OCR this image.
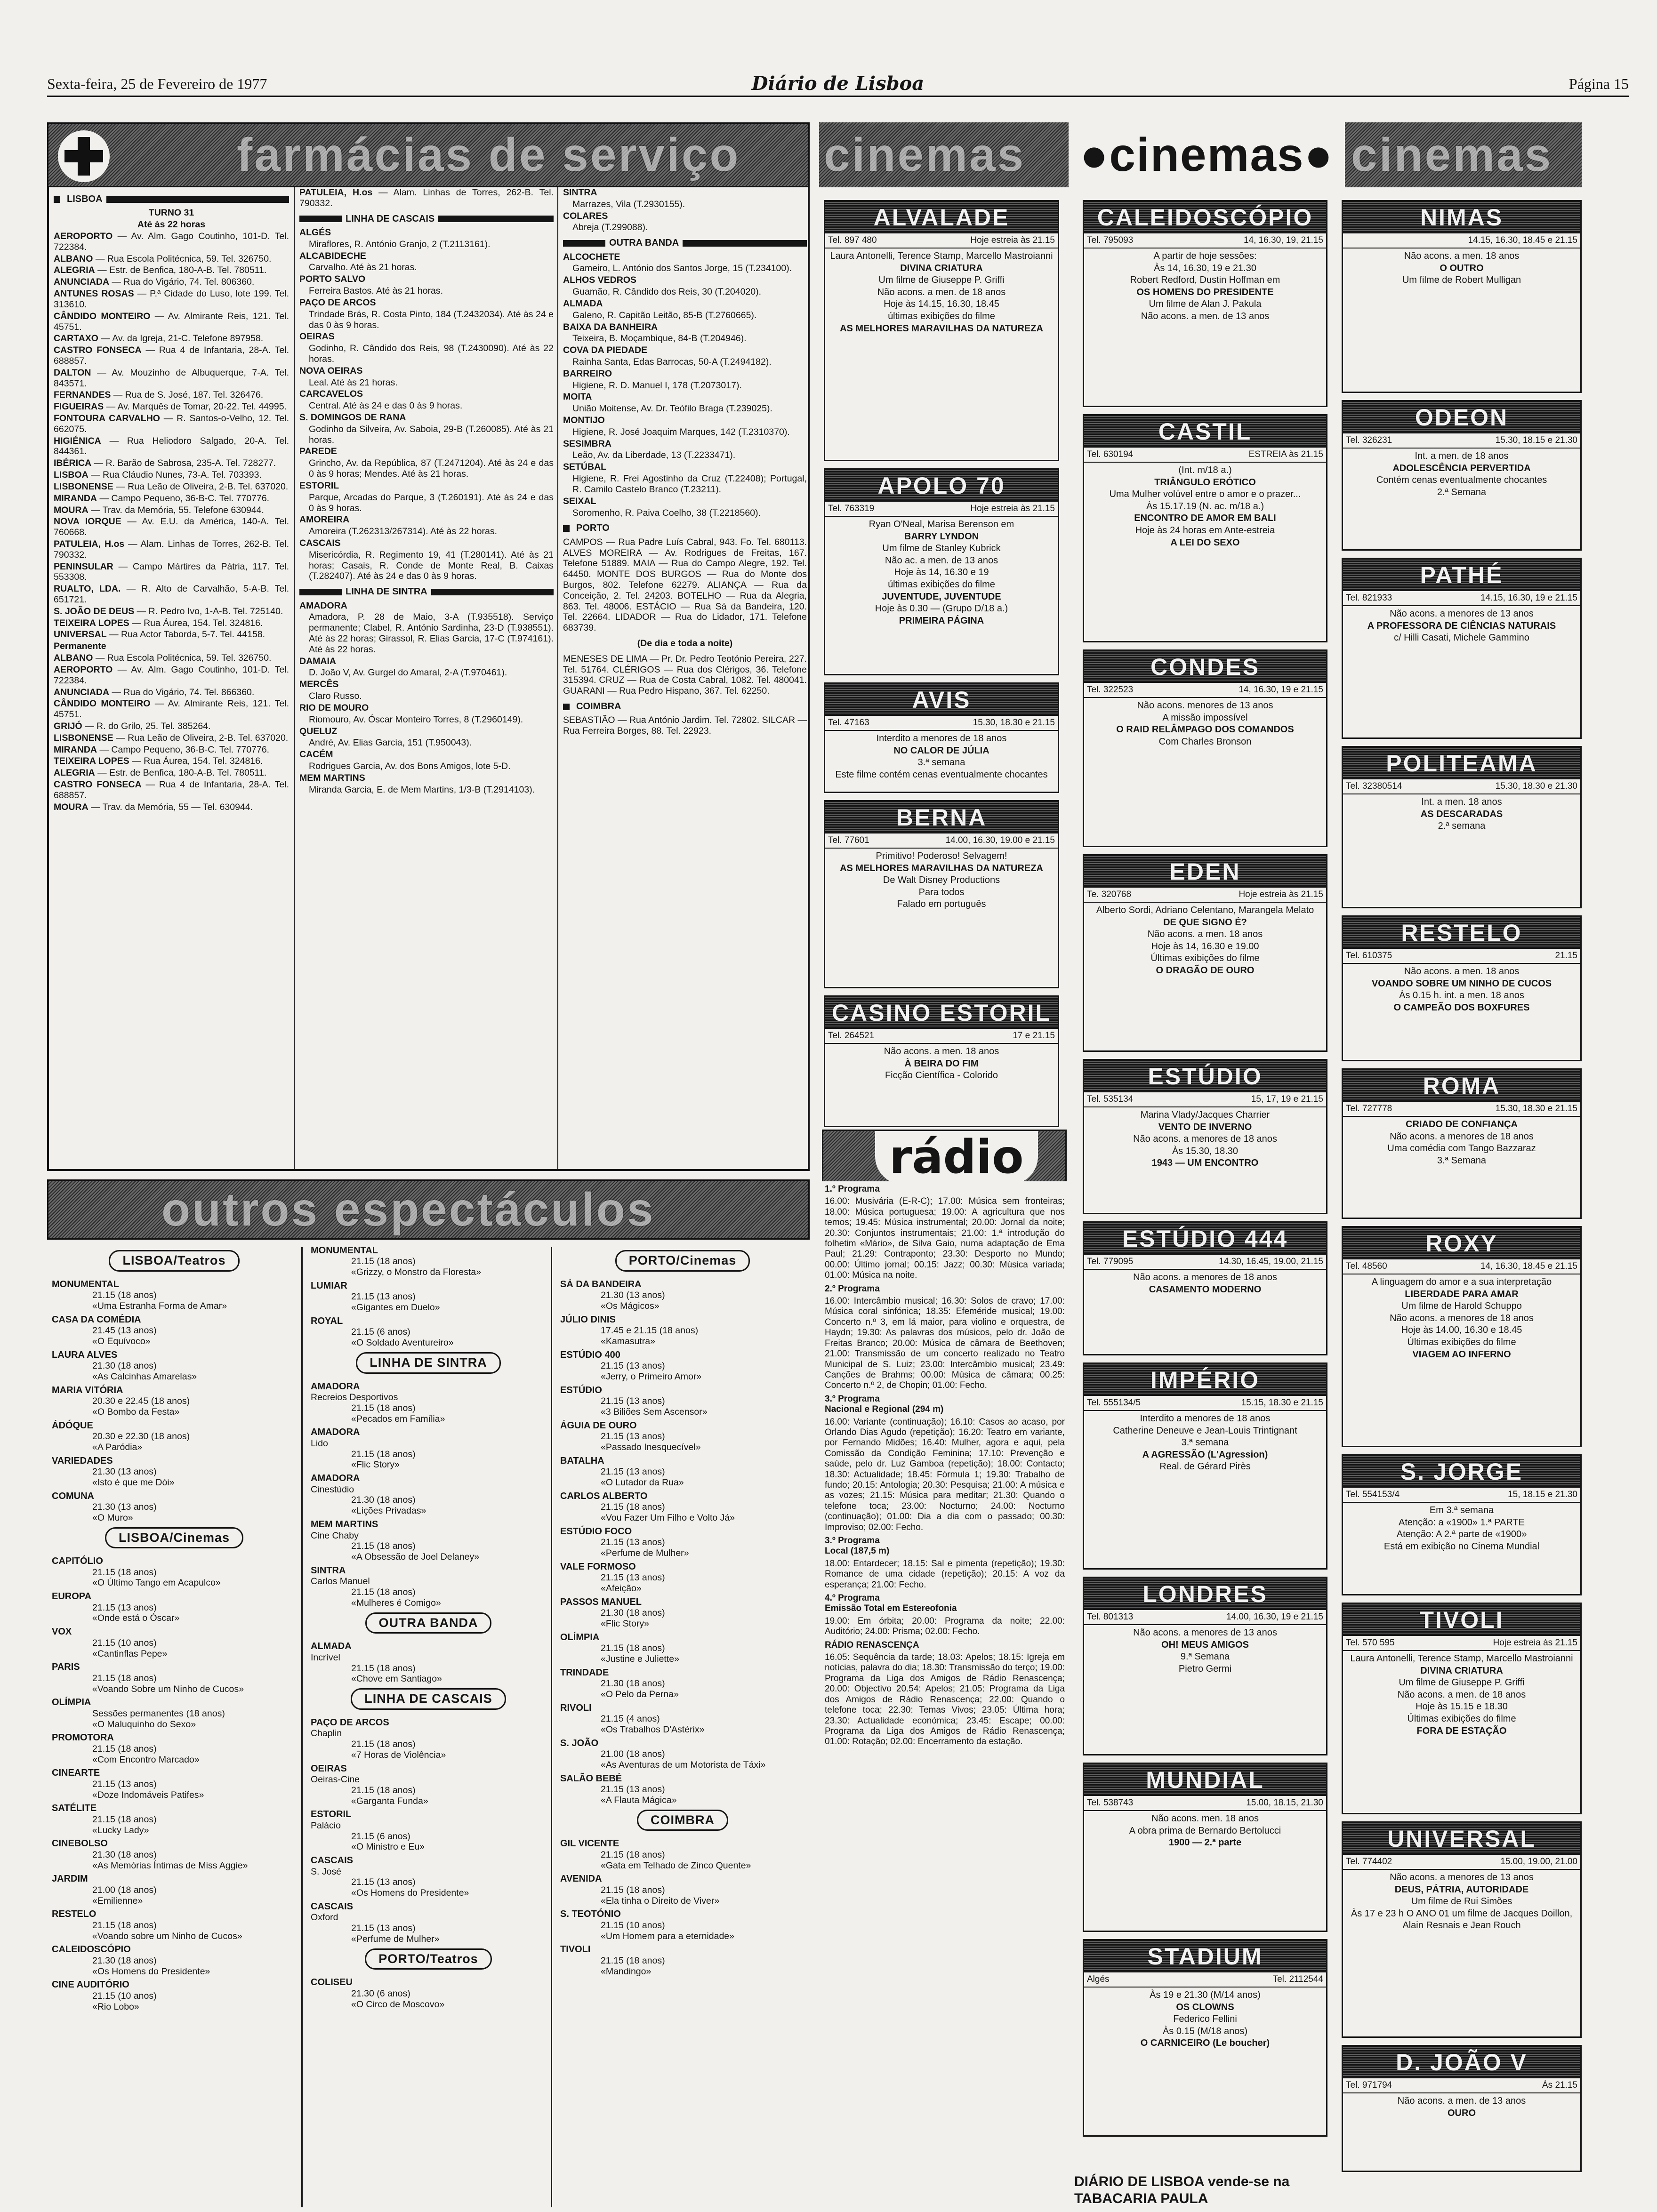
Sexta-feira, 25 de Fevereiro de 1977	Diário de Lisboa	Página 15
farmácias de serviço
LISBOA

TURNO 31

Até às 22 horas

AEROPORTO — Av. Alm. Gago Coutinho, 101-D. Tel. 722384.

ALBANO — Rua Escola Politécnica, 59. Tel. 326750.

ALEGRIA — Estr. de Benfica, 180-A-B. Tel. 780511.

ANUNCIADA — Rua do Vigário, 74. Tel. 806360.

ANTUNES ROSAS — P.ª Cidade do Luso, lote 199. Tel. 313610.

CÂNDIDO MONTEIRO — Av. Almirante Reis, 121. Tel. 45751.

CARTAXO — Av. da Igreja, 21-C. Telefone 897958.

CASTRO FONSECA — Rua 4 de Infantaria, 28-A. Tel. 688857.

DALTON — Av. Mouzinho de Albuquerque, 7-A. Tel. 843571.

FERNANDES — Rua de S. José, 187. Tel. 326476.

FIGUEIRAS — Av. Marquês de Tomar, 20-22. Tel. 44995.

FONTOURA CARVALHO — R. Santos-o-Velho, 12. Tel. 662075.

HIGIÉNICA — Rua Heliodoro Salgado, 20-A. Tel. 844361.

IBÉRICA — R. Barão de Sabrosa, 235-A. Tel. 728277.

LISBOA — Rua Cláudio Nunes, 73-A. Tel. 703393.

LISBONENSE — Rua Leão de Oliveira, 2-B. Tel. 637020.

MIRANDA — Campo Pequeno, 36-B-C. Tel. 770776.

MOURA — Trav. da Memória, 55. Telefone 630944.

NOVA IORQUE — Av. E.U. da América, 140-A. Tel. 760668.

PATULEIA, H.os — Alam. Linhas de Torres, 262-B. Tel. 790332.

PENINSULAR — Campo Mártires da Pátria, 117. Tel. 553308.

RUALTO, LDA. — R. Alto de Carvalhão, 5-A-B. Tel. 651721.

S. JOÃO DE DEUS — R. Pedro Ivo, 1-A-B. Tel. 725140.

TEIXEIRA LOPES — Rua Áurea, 154. Tel. 324816.

UNIVERSAL — Rua Actor Taborda, 5-7. Tel. 44158.

Permanente

ALBANO — Rua Escola Politécnica, 59. Tel. 326750.

AEROPORTO — Av. Alm. Gago Coutinho, 101-D. Tel. 722384.

ANUNCIADA — Rua do Vigário, 74. Tel. 866360.

CÂNDIDO MONTEIRO — Av. Almirante Reis, 121. Tel. 45751.

GRIJÓ — R. do Grilo, 25. Tel. 385264.

LISBONENSE — Rua Leão de Oliveira, 2-B. Tel. 637020.

MIRANDA — Campo Pequeno, 36-B-C. Tel. 770776.

TEIXEIRA LOPES — Rua Áurea, 154. Tel. 324816.

ALEGRIA — Estr. de Benfica, 180-A-B. Tel. 780511.

CASTRO FONSECA — Rua 4 de Infantaria, 28-A. Tel. 688857.

MOURA — Trav. da Memória, 55 — Tel. 630944.

PATULEIA, H.os — Alam. Linhas de Torres, 262-B. Tel. 790332.

LINHA DE CASCAIS

ALGÉS

Miraflores, R. António Granjo, 2 (T.2113161).

ALCABIDECHE

Carvalho. Até às 21 horas.

PORTO SALVO

Ferreira Bastos. Até às 21 horas.

PAÇO DE ARCOS

Trindade Brás, R. Costa Pinto, 184 (T.2432034). Até às 24 e das 0 às 9 horas.

OEIRAS

Godinho, R. Cândido dos Reis, 98 (T.2430090). Até às 22 horas.

NOVA OEIRAS

Leal. Até às 21 horas.

CARCAVELOS

Central. Até às 24 e das 0 às 9 horas.

S. DOMINGOS DE RANA

Godinho da Silveira, Av. Saboia, 29-B (T.260085). Até às 21 horas.

PAREDE

Grincho, Av. da República, 87 (T.2471204). Até às 24 e das 0 às 9 horas; Mendes. Até às 21 horas.

ESTORIL

Parque, Arcadas do Parque, 3 (T.260191). Até às 24 e das 0 às 9 horas.

AMOREIRA

Amoreira (T.262313/267314). Até às 22 horas.

CASCAIS

Misericórdia, R. Regimento 19, 41 (T.280141). Até às 21 horas; Casais, R. Conde de Monte Real, B. Caixas (T.282407). Até às 24 e das 0 às 9 horas.

LINHA DE SINTRA

AMADORA

Amadora, P. 28 de Maio, 3-A (T.935518). Serviço permanente; Clabel, R. António Sardinha, 23-D (T.938551). Até às 22 horas; Girassol, R. Elias Garcia, 17-C (T.974161). Até às 22 horas.

DAMAIA

D. João V, Av. Gurgel do Amaral, 2-A (T.970461).

MERCÊS

Claro Russo.

RIO DE MOURO

Riomouro, Av. Óscar Monteiro Torres, 8 (T.2960149).

QUELUZ

André, Av. Elias Garcia, 151 (T.950043).

CACÉM

Rodrigues Garcia, Av. dos Bons Amigos, lote 5-D.

MEM MARTINS

Miranda Garcia, E. de Mem Martins, 1/3-B (T.2914103).

SINTRA

Marrazes, Vila (T.2930155).

COLARES

Abreja (T.299088).

OUTRA BANDA

ALCOCHETE

Gameiro, L. António dos Santos Jorge, 15 (T.234100).

ALHOS VEDROS

Guamão, R. Cândido dos Reis, 30 (T.204020).

ALMADA

Galeno, R. Capitão Leitão, 85-B (T.2760665).

BAIXA DA BANHEIRA

Teixeira, B. Moçambique, 84-B (T.204946).

COVA DA PIEDADE

Rainha Santa, Edas Barrocas, 50-A (T.2494182).

BARREIRO

Higiene, R. D. Manuel I, 178 (T.2073017).

MOITA

União Moitense, Av. Dr. Teófilo Braga (T.239025).

MONTIJO

Higiene, R. José Joaquim Marques, 142 (T.2310370).

SESIMBRA

Leão, Av. da Liberdade, 13 (T.2233471).

SETÚBAL

Higiene, R. Frei Agostinho da Cruz (T.22408); Portugal, R. Camilo Castelo Branco (T.23211).

SEIXAL

Soromenho, R. Paiva Coelho, 38 (T.2218560).

PORTO

CAMPOS — Rua Padre Luís Cabral, 943. Fo. Tel. 680113. ALVES MOREIRA — Av. Rodrigues de Freitas, 167. Telefone 51889. MAIA — Rua do Campo Alegre, 192. Tel. 64450. MONTE DOS BURGOS — Rua do Monte dos Burgos, 802. Telefone 62279. ALIANÇA — Rua da Conceição, 2. Tel. 24203. BOTELHO — Rua da Alegria, 863. Tel. 48006. ESTÁCIO — Rua Sá da Bandeira, 120. Tel. 22664. LIDADOR — Rua do Lidador, 171. Telefone 683739.

(De dia e toda a noite)

MENESES DE LIMA — Pr. Dr. Pedro Teotónio Pereira, 227. Tel. 51764. CLÉRIGOS — Rua dos Clérigos, 36. Telefone 315394. CRUZ — Rua de Costa Cabral, 1082. Tel. 480041. GUARANI — Rua Pedro Hispano, 367. Tel. 62250.

COIMBRA

SEBASTIÃO — Rua António Jardim. Tel. 72802. SILCAR — Rua Ferreira Borges, 88. Tel. 22923.

outros espectáculos
LISBOA/Teatros
MONUMENTAL
21.15 (18 anos)
«Uma Estranha Forma de Amar»
CASA DA COMÉDIA
21.45 (13 anos)
«O Equívoco»
LAURA ALVES
21.30 (18 anos)
«As Calcinhas Amarelas»
MARIA VITÓRIA
20.30 e 22.45 (18 anos)
«O Bombo da Festa»
ÁDÓQUE
20.30 e 22.30 (18 anos)
«A Paródia»
VARIEDADES
21.30 (13 anos)
«Isto é que me Dói»
COMUNA
21.30 (13 anos)
«O Muro»
LISBOA/Cinemas
CAPITÓLIO
21.15 (18 anos)
«O Último Tango em Acapulco»
EUROPA
21.15 (13 anos)
«Onde está o Óscar»
VOX
21.15 (10 anos)
«Cantinflas Pepe»
PARIS
21.15 (18 anos)
«Voando Sobre um Ninho de Cucos»
OLÍMPIA
Sessões permanentes (18 anos)
«O Maluquinho do Sexo»
PROMOTORA
21.15 (18 anos)
«Com Encontro Marcado»
CINEARTE
21.15 (13 anos)
«Doze Indomáveis Patifes»
SATÉLITE
21.15 (18 anos)
«Lucky Lady»
CINEBOLSO
21.30 (18 anos)
«As Memórias Íntimas de Miss Aggie»
JARDIM
21.00 (18 anos)
«Emilienne»
RESTELO
21.15 (18 anos)
«Voando sobre um Ninho de Cucos»
CALEIDOSCÓPIO
21.30 (18 anos)
«Os Homens do Presidente»
CINE AUDITÓRIO
21.15 (10 anos)
«Rio Lobo»
MONUMENTAL
21.15 (18 anos)
«Grizzy, o Monstro da Floresta»
LUMIAR
21.15 (13 anos)
«Gigantes em Duelo»
ROYAL
21.15 (6 anos)
«O Soldado Aventureiro»
LINHA DE SINTRA
AMADORA
Recreios Desportivos
21.15 (18 anos)
«Pecados em Família»
AMADORA
Lido
21.15 (18 anos)
«Flic Story»
AMADORA
Cinestúdio
21.30 (18 anos)
«Lições Privadas»
MEM MARTINS
Cine Chaby
21.15 (18 anos)
«A Obsessão de Joel Delaney»
SINTRA
Carlos Manuel
21.15 (18 anos)
«Mulheres é Comigo»
OUTRA BANDA
ALMADA
Incrível
21.15 (18 anos)
«Chove em Santiago»
LINHA DE CASCAIS
PAÇO DE ARCOS
Chaplin
21.15 (18 anos)
«7 Horas de Violência»
OEIRAS
Oeiras-Cine
21.15 (18 anos)
«Garganta Funda»
ESTORIL
Palácio
21.15 (6 anos)
«O Ministro e Eu»
CASCAIS
S. José
21.15 (13 anos)
«Os Homens do Presidente»
CASCAIS
Oxford
21.15 (13 anos)
«Perfume de Mulher»
PORTO/Teatros
COLISEU
21.30 (6 anos)
«O Circo de Moscovo»
PORTO/Cinemas
SÁ DA BANDEIRA
21.30 (13 anos)
«Os Mágicos»
JÚLIO DINIS
17.45 e 21.15 (18 anos)
«Kamasutra»
ESTÚDIO 400
21.15 (13 anos)
«Jerry, o Primeiro Amor»
ESTÚDIO
21.15 (13 anos)
«3 Biliões Sem Ascensor»
ÁGUIA DE OURO
21.15 (13 anos)
«Passado Inesquecível»
BATALHA
21.15 (13 anos)
«O Lutador da Rua»
CARLOS ALBERTO
21.15 (18 anos)
«Vou Fazer Um Filho e Volto Já»
ESTÚDIO FOCO
21.15 (13 anos)
«Perfume de Mulher»
VALE FORMOSO
21.15 (13 anos)
«Afeição»
PASSOS MANUEL
21.30 (18 anos)
«Flic Story»
OLÍMPIA
21.15 (18 anos)
«Justine e Juliette»
TRINDADE
21.30 (18 anos)
«O Pelo da Perna»
RIVOLI
21.15 (4 anos)
«Os Trabalhos D'Astérix»
S. JOÃO
21.00 (18 anos)
«As Aventuras de um Motorista de Táxi»
SALÃO BEBÉ
21.15 (13 anos)
«A Flauta Mágica»
COIMBRA
GIL VICENTE
21.15 (18 anos)
«Gata em Telhado de Zinco Quente»
AVENIDA
21.15 (18 anos)
«Ela tinha o Direito de Viver»
S. TEOTÓNIO
21.15 (10 anos)
«Um Homem para a eternidade»
TIVOLI
21.15 (18 anos)
«Mandingo»
cinemas ● cinemas ● cinemas
ALVALADE
Tel. 897 480	Hoje estreia às 21.15
Laura Antonelli, Terence Stamp, Marcello Mastroianni
DIVINA CRIATURA
Um filme de Giuseppe P. Griffi
Não acons. a men. de 18 anos
Hoje às 14.15, 16.30, 18.45
últimas exibições do filme
AS MELHORES MARAVILHAS DA NATUREZA
APOLO 70
Tel. 763319	Hoje estreia às 21.15
Ryan O'Neal, Marisa Berenson em
BARRY LYNDON
Um filme de Stanley Kubrick
Não ac. a men. de 13 anos
Hoje às 14, 16.30 e 19
últimas exibições do filme
JUVENTUDE, JUVENTUDE
Hoje às 0.30 — (Grupo D/18 a.)
PRIMEIRA PÁGINA
AVIS
Tel. 47163	15.30, 18.30 e 21.15
Interdito a menores de 18 anos
NO CALOR DE JÚLIA
3.ª semana
Este filme contém cenas eventualmente chocantes
BERNA
Tel. 77601	14.00, 16.30, 19.00 e 21.15
Primitivo! Poderoso! Selvagem!
AS MELHORES MARAVILHAS DA NATUREZA
De Walt Disney Productions
Para todos
Falado em português
CASINO ESTORIL
Tel. 264521	17 e 21.15
Não acons. a men. 18 anos
À BEIRA DO FIM
Ficção Científica - Colorido
CALEIDOSCÓPIO
Tel. 795093	14, 16.30, 19, 21.15
A partir de hoje sessões:
Às 14, 16.30, 19 e 21.30
Robert Redford, Dustin Hoffman em
OS HOMENS DO PRESIDENTE
Um filme de Alan J. Pakula
Não acons. a men. de 13 anos
CASTIL
Tel. 630194	ESTREIA às 21.15
(Int. m/18 a.)
TRIÂNGULO ERÓTICO
Uma Mulher volúvel entre o amor e o prazer...
Às 15.17.19 (N. ac. m/18 a.)
ENCONTRO DE AMOR EM BALI
Hoje às 24 horas em Ante-estreia
A LEI DO SEXO
CONDES
Tel. 322523	14, 16.30, 19 e 21.15
Não acons. menores de 13 anos
A missão impossível
O RAID RELÂMPAGO DOS COMANDOS
Com Charles Bronson
EDEN
Te. 320768	Hoje estreia às 21.15
Alberto Sordi, Adriano Celentano, Marangela Melato
DE QUE SIGNO É?
Não acons. a men. 18 anos
Hoje às 14, 16.30 e 19.00
Últimas exibições do filme
O DRAGÃO DE OURO
ESTÚDIO
Tel. 535134	15, 17, 19 e 21.15
Marina Vlady/Jacques Charrier
VENTO DE INVERNO
Não acons. a menores de 18 anos
Às 15.30, 18.30
1943 — UM ENCONTRO
ESTÚDIO 444
Tel. 779095	14.30, 16.45, 19.00, 21.15
Não acons. a menores de 18 anos
CASAMENTO MODERNO
IMPÉRIO
Tel. 555134/5	15.15, 18.30 e 21.15
Interdito a menores de 18 anos
Catherine Deneuve e Jean-Louis Trintignant
3.ª semana
A AGRESSÃO (L'Agression)
Real. de Gérard Pirès
LONDRES
Tel. 801313	14.00, 16.30, 19 e 21.15
Não acons. a menores de 13 anos
OH! MEUS AMIGOS
9.ª Semana
Pietro Germi
MUNDIAL
Tel. 538743	15.00, 18.15, 21.30
Não acons. men. 18 anos
A obra prima de Bernardo Bertolucci
1900 — 2.ª parte
STADIUM
Algés	Tel. 2112544
Às 19 e 21.30 (M/14 anos)
OS CLOWNS
Federico Fellini
Às 0.15 (M/18 anos)
O CARNICEIRO (Le boucher)
NIMAS
14.15, 16.30, 18.45 e 21.15
Não acons. a men. 18 anos
O OUTRO
Um filme de Robert Mulligan
ODEON
Tel. 326231	15.30, 18.15 e 21.30
Int. a men. de 18 anos
ADOLESCÊNCIA PERVERTIDA
Contém cenas eventualmente chocantes
2.ª Semana
PATHÉ
Tel. 821933	14.15, 16.30, 19 e 21.15
Não acons. a menores de 13 anos
A PROFESSORA DE CIÊNCIAS NATURAIS
c/ Hilli Casati, Michele Gammino
POLITEAMA
Tel. 32380514	15.30, 18.30 e 21.30
Int. a men. 18 anos
AS DESCARADAS
2.ª semana
RESTELO
Tel. 610375	21.15
Não acons. a men. 18 anos
VOANDO SOBRE UM NINHO DE CUCOS
Às 0.15 h. int. a men. 18 anos
O CAMPEÃO DOS BOXFURES
ROMA
Tel. 727778	15.30, 18.30 e 21.15
CRIADO DE CONFIANÇA
Não acons. a menores de 18 anos
Uma comédia com Tango Bazzaraz
3.ª Semana
ROXY
Tel. 48560	14, 16.30, 18.45 e 21.15
A linguagem do amor e a sua interpretação
LIBERDADE PARA AMAR
Um filme de Harold Schuppo
Não acons. a menores de 18 anos
Hoje às 14.00, 16.30 e 18.45
Últimas exibições do filme
VIAGEM AO INFERNO
S. JORGE
Tel. 554153/4	15, 18.15 e 21.30
Em 3.ª semana
Atenção: a «1900» 1.ª PARTE
Atenção: A 2.ª parte de «1900»
Está em exibição no Cinema Mundial
TIVOLI
Tel. 570 595	Hoje estreia às 21.15
Laura Antonelli, Terence Stamp, Marcello Mastroianni
DIVINA CRIATURA
Um filme de Giuseppe P. Griffi
Não acons. a men. de 18 anos
Hoje às 15.15 e 18.30
Últimas exibições do filme
FORA DE ESTAÇÃO
UNIVERSAL
Tel. 774402	15.00, 19.00, 21.00
Não acons. a menores de 13 anos
DEUS, PÁTRIA, AUTORIDADE
Um filme de Rui Simões
Às 17 e 23 h O ANO 01 um filme de Jacques Doillon, Alain Resnais e Jean Rouch
D. JOÃO V
Tel. 971794	Às 21.15
Não acons. a men. de 13 anos
OURO
rádio

1.º Programa

16.00: Musivária (E-R-C); 17.00: Música sem fronteiras; 18.00: Música portuguesa; 19.00: A agricultura que nos temos; 19.45: Música instrumental; 20.00: Jornal da noite; 20.30: Conjuntos instrumentais; 21.00: 1.ª introdução do folhetim «Mário», de Silva Gaio, numa adaptação de Ema Paul; 21.29: Contraponto; 23.30: Desporto no Mundo; 00.00: Último jornal; 00.15: Jazz; 00.30: Música variada; 01.00: Música na noite.

2.º Programa

16.00: Intercâmbio musical; 16.30: Solos de cravo; 17.00: Música coral sinfónica; 18.35: Efeméride musical; 19.00: Concerto n.º 3, em lá maior, para violino e orquestra, de Haydn; 19.30: As palavras dos músicos, pelo dr. João de Freitas Branco; 20.00: Música de câmara de Beethoven; 21.00: Transmissão de um concerto realizado no Teatro Municipal de S. Luiz; 23.00: Intercâmbio musical; 23.49: Canções de Brahms; 00.00: Música de câmara; 00.25: Concerto n.º 2, de Chopin; 01.00: Fecho.

3.º Programa
Nacional e Regional (294 m)

16.00: Variante (continuação); 16.10: Casos ao acaso, por Orlando Dias Agudo (repetição); 16.20: Teatro em variante, por Fernando Midões; 16.40: Mulher, agora e aqui, pela Comissão da Condição Feminina; 17.10: Prevenção e saúde, pelo dr. Luz Gamboa (repetição); 18.00: Contacto; 18.30: Actualidade; 18.45: Fórmula 1; 19.30: Trabalho de fundo; 20.15: Antologia; 20.30: Pesquisa; 21.00: A música e as vozes; 21.15: Música para meditar; 21.30: Quando o telefone toca; 23.00: Nocturno; 24.00: Nocturno (continuação); 01.00: Dia a dia com o passado; 00.30: Improviso; 02.00: Fecho.

3.º Programa
Local (187,5 m)

18.00: Entardecer; 18.15: Sal e pimenta (repetição); 19.30: Romance de uma cidade (repetição); 20.15: A voz da esperança; 21.00: Fecho.

4.º Programa
Emissão Total em Estereofonia

19.00: Em órbita; 20.00: Programa da noite; 22.00: Auditório; 24.00: Prisma; 02.00: Fecho.

RÁDIO RENASCENÇA

16.05: Sequência da tarde; 18.03: Apelos; 18.15: Igreja em notícias, palavra do dia; 18.30: Transmissão do terço; 19.00: Programa da Liga dos Amigos de Rádio Renascença; 20.00: Objectivo 20.54: Apelos; 21.05: Programa da Liga dos Amigos de Rádio Renascença; 22.00: Quando o telefone toca; 22.30: Temas Vivos; 23.05: Última hora; 23.30: Actualidade económica; 23.45: Escape; 00.00: Programa da Liga dos Amigos de Rádio Renascença; 01.00: Rotação; 02.00: Encerramento da estação.

DIÁRIO DE LISBOA vende-se na TABACARIA PAULA
